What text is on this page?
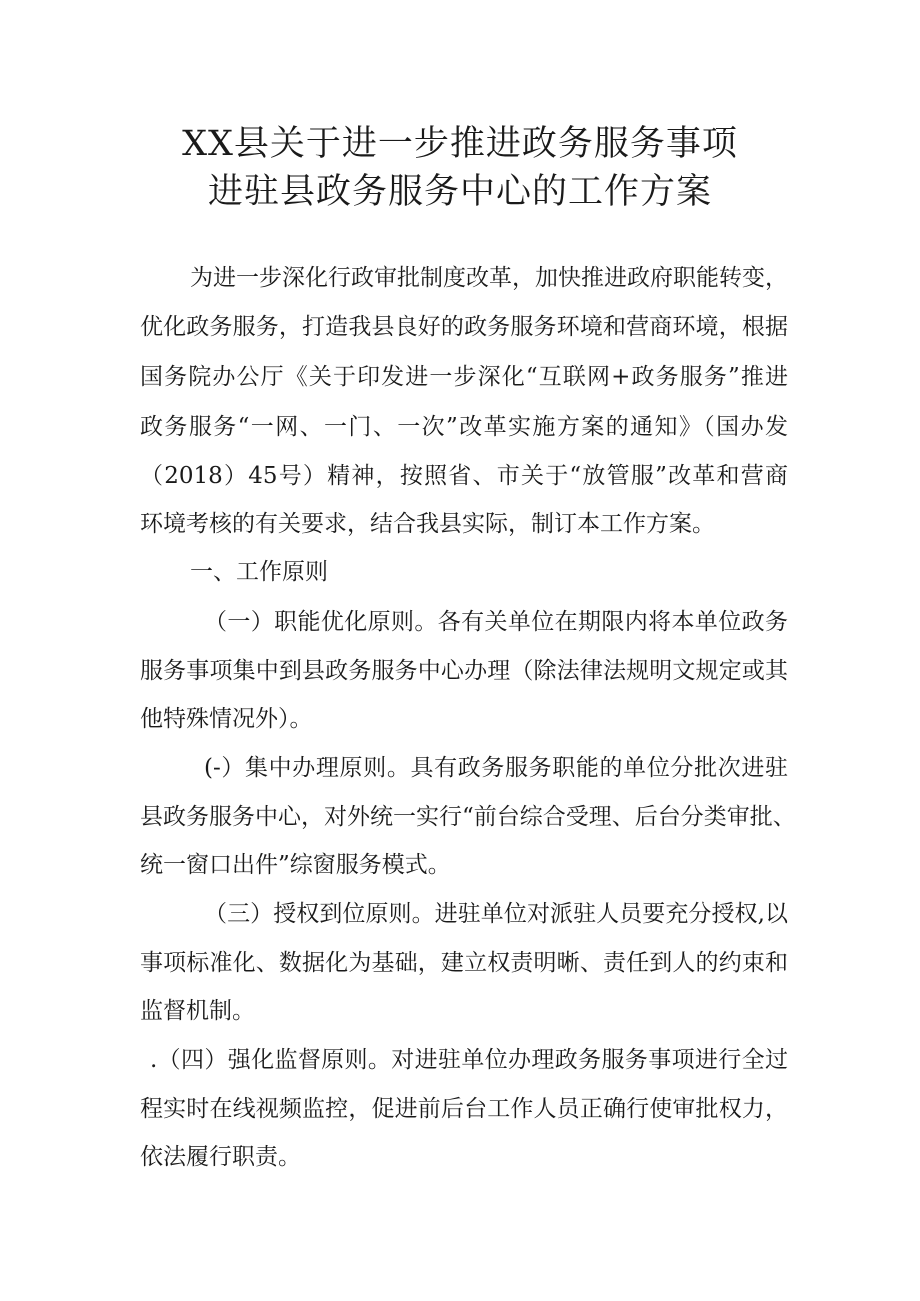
XX县关于进一步推进政务服务事项
进驻县政务服务中心的工作方案
为进一步深化行政审批制度改革，加快推进政府职能转变，
优化政务服务，打造我县良好的政务服务环境和营商环境，根据
国务院办公厅《关于印发进一步深化“互联网+政务服务”推进
政务服务“一网、一门、一次”改革实施方案的通知》（国办发
（2018）45号）精神，按照省、市关于“放管服”改革和营商
环境考核的有关要求，结合我县实际，制订本工作方案。
一、工作原则
（一）职能优化原则。各有关单位在期限内将本单位政务
服务事项集中到县政务服务中心办理（除法律法规明文规定或其
他特殊情况外）。
(-）集中办理原则。具有政务服务职能的单位分批次进驻
县政务服务中心，对外统一实行“前台综合受理、后台分类审批、
统一窗口出件”综窗服务模式。
（三）授权到位原则。进驻单位对派驻人员要充分授权,以
事项标准化、数据化为基础，建立权责明晰、责任到人的约束和
监督机制。
.（四）强化监督原则。对进驻单位办理政务服务事项进行全过
程实时在线视频监控，促进前后台工作人员正确行使审批权力，
依法履行职责。
